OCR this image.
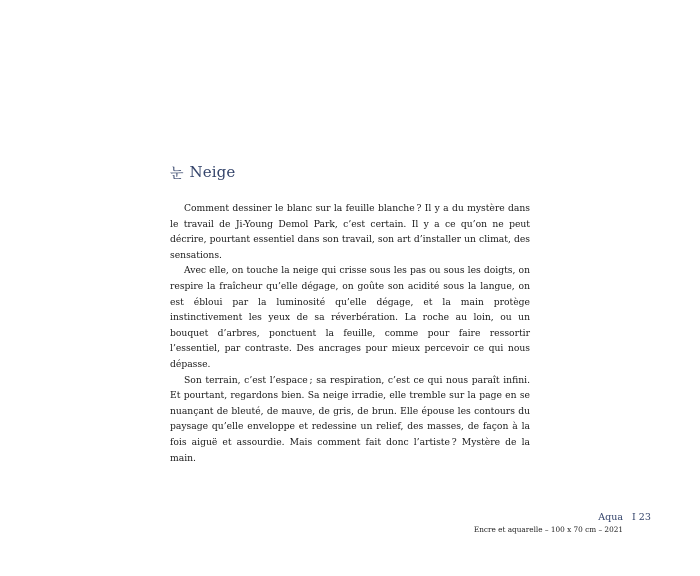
눈 Neige

Comment dessiner le blanc sur la feuille blanche ? Il y a du mystère dans le travail de Ji-Young Demol Park, c’est certain. Il y a ce qu’on ne peut décrire, pourtant essentiel dans son travail, son art d’installer un climat, des sensations.

Avec elle, on touche la neige qui crisse sous les pas ou sous les doigts, on respire la fraîcheur qu’elle dégage, on goûte son acidité sous la langue, on est ébloui par la luminosité qu’elle dégage, et la main protège instinctivement les yeux de sa réverbération. La roche au loin, ou un bouquet d’arbres, ponctuent la feuille, comme pour faire ressortir l’essentiel, par contraste. Des ancrages pour mieux percevoir ce qui nous dépasse.

Son terrain, c’est l’espace ; sa respiration, c’est ce qui nous paraît infini. Et pourtant, regardons bien. Sa neige irradie, elle tremble sur la page en se nuançant de bleuté, de mauve, de gris, de brun. Elle épouse les contours du paysage qu’elle enveloppe et redessine un relief, des masses, de façon à la fois aiguë et assourdie. Mais comment fait donc l’artiste ? Mystère de la main.

Aqua
Encre et aquarelle – 100 x 70 cm – 2021
I 23
